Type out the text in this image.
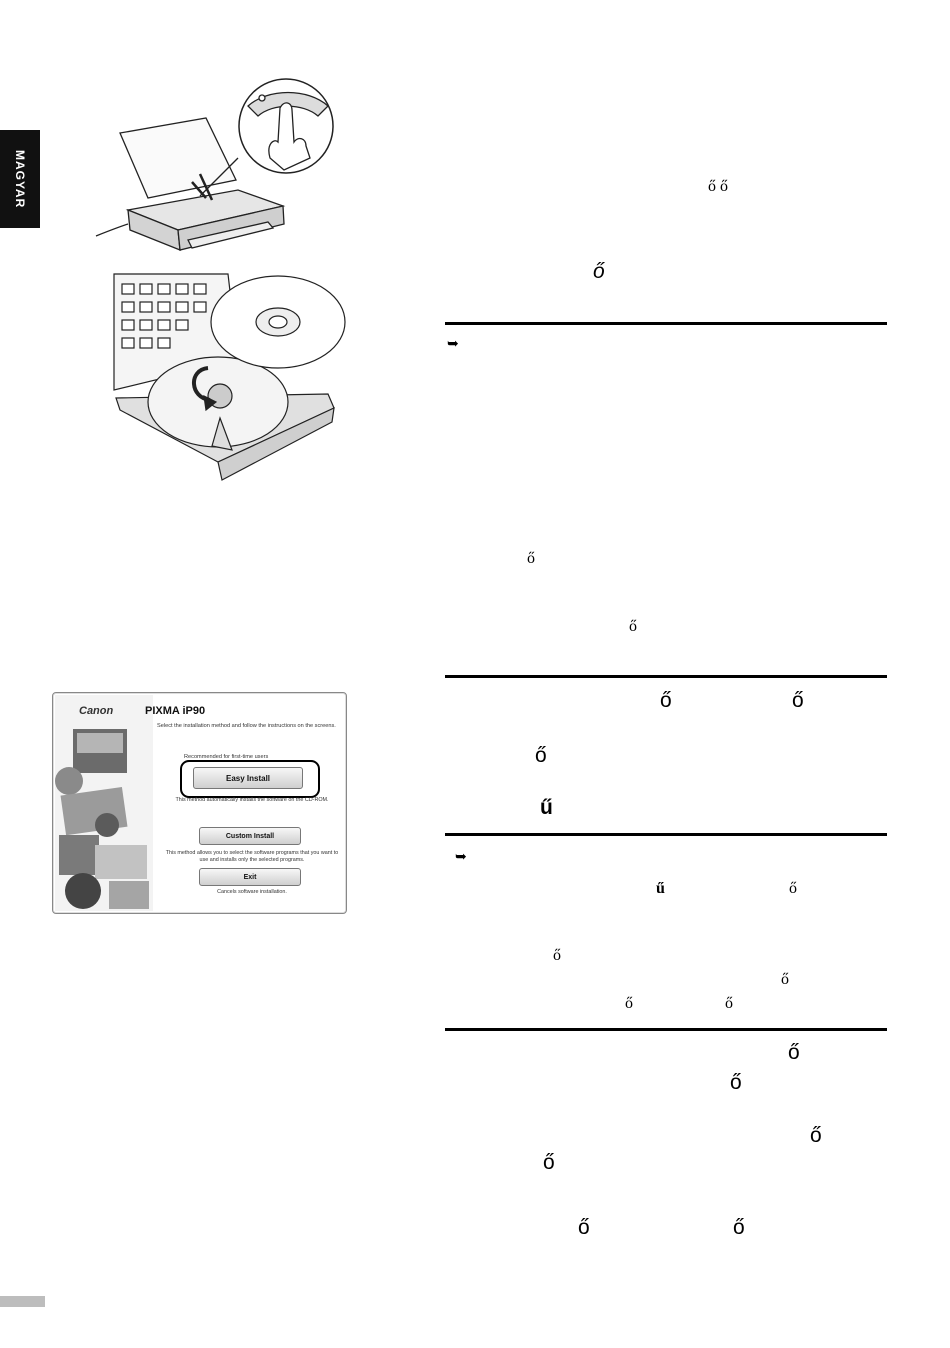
MAGYAR	ő ő
ő
➥
ő
ő
ő	ő
ő
ű
➥
ű	ő
ő
ő
ő	ő
ő
ő
ő
ő
ő	ő
Canon	PIXMA iP90
Select the installation method and follow the instructions on the screens.
Recommended for first-time users
Easy Install
This method automatically installs the software on the CD-ROM.
Custom Install
This method allows you to select the software programs that you want to use and installs only the selected programs.
Exit
Cancels software installation.
